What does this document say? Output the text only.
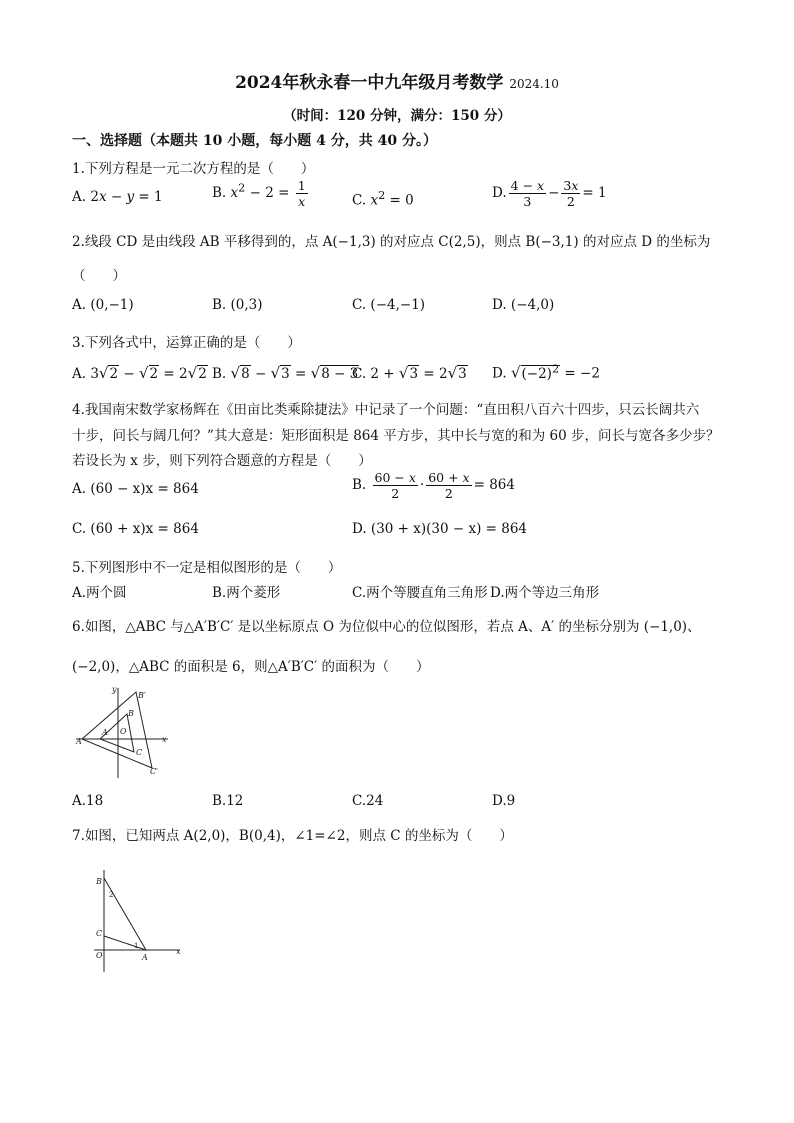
2024年秋永春一中九年级月考数学 2024.10
（时间：120 分钟，满分：150 分）
一、选择题（本题共 10 小题，每小题 4 分，共 40 分。）
1.下列方程是一元二次方程的是（　　）
A. 2x − y = 1	B. $x^2 - 2 = \frac{1}{x}$	C. $x^2 = 0$	D. $\frac{4 - x}{3} - \frac{3x}{2} = 1$
2.线段 CD 是由线段 AB 平移得到的，点 A(−1,3) 的对应点 C(2,5)，则点 B(−3,1) 的对应点 D 的坐标为
（　　）
A. (0,−1)	B. (0,3)	C. (−4,−1)	D. (−4,0)
3.下列各式中，运算正确的是（　　）
A. 3√2 − √2 = 2√2 B. √8 − √3 = √8 − 3
C. 2 + √3 = 2√3 D. $√(-2)^2 = -2$
4.我国南宋数学家杨辉在《田亩比类乘除捷法》中记录了一个问题：“直田积八百六十四步，只云长阔共六
十步，问长与阔几何？”其大意是：矩形面积是 864 平方步，其中长与宽的和为 60 步，问长与宽各多少步？
若设长为 x 步，则下列符合题意的方程是（　　）
A. (60 − x)x = 864	B. $\frac{60 - x}{2} \cdot \frac{60 + x}{2} = 864$
C. (60 + x)x = 864	D. (30 + x)(30 − x) = 864
5.下列图形中不一定是相似图形的是（　　）
A.两个圆	B.两个菱形	C.两个等腰直角三角形 D.两个等边三角形
6.如图，△ABC 与△A′B′C′ 是以坐标原点 O 为位似中心的位似图形，若点 A、A′ 的坐标分别为 (−1,0)、
(−2,0)，△ABC 的面积是 6，则△A′B′C′ 的面积为（　　）
y
x
B′
B
A′
A O
C
C′
A.18	B.12	C.24	D.9
7.如图，已知两点 A(2,0)，B(0,4)，∠1=∠2，则点 C 的坐标为（　　）
B
C
O	A
x
2
1
